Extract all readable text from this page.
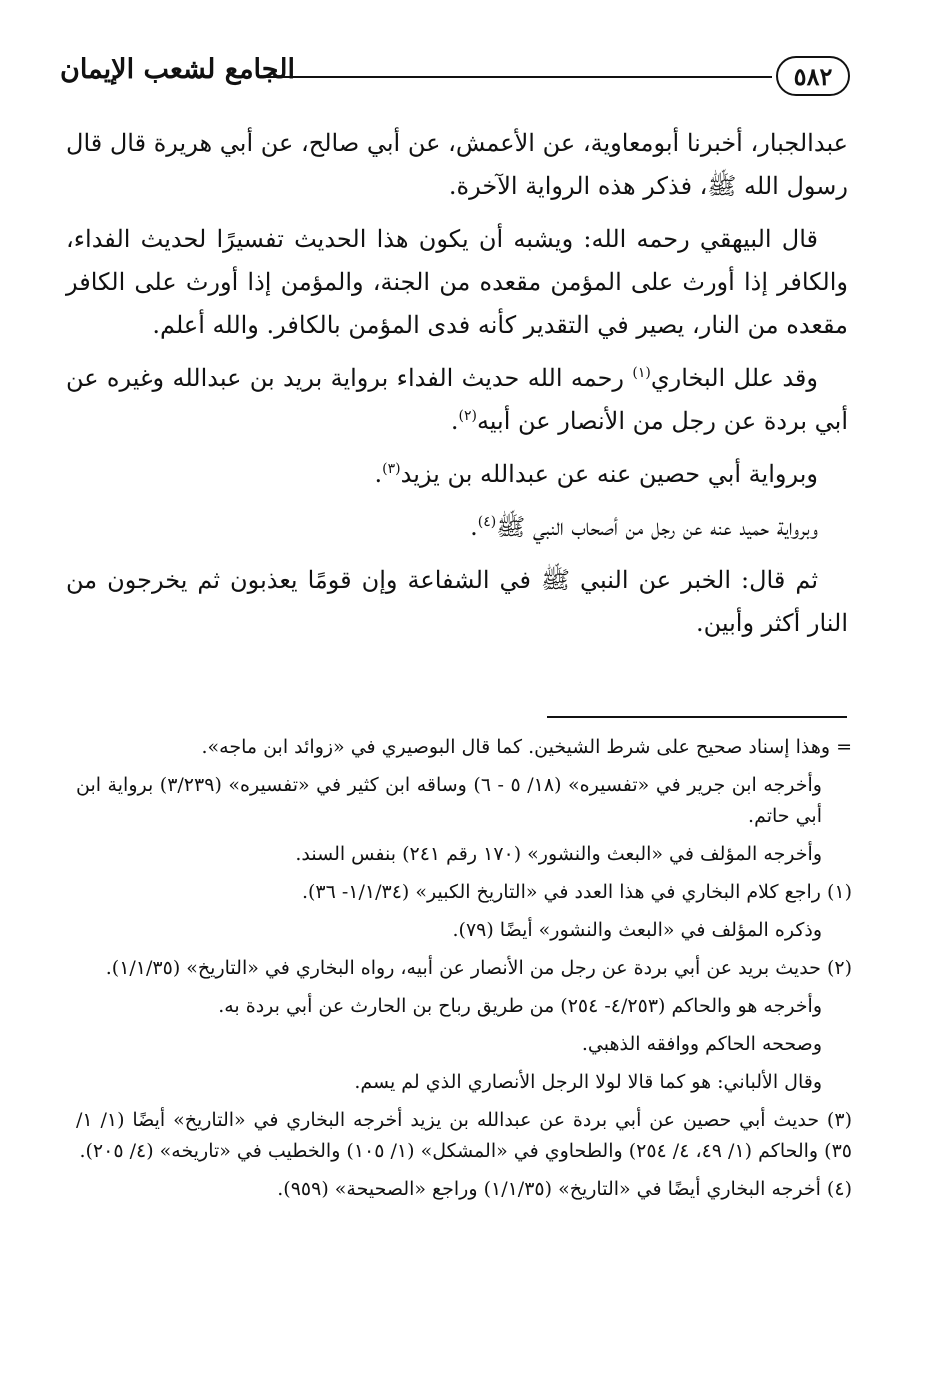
٥٨٢
الجامع لشعب الإيمان

عبدالجبار، أخبرنا أبومعاوية، عن الأعمش، عن أبي صالح، عن أبي هريرة قال قال رسول الله ﷺ، فذكر هذه الرواية الآخرة.

قال البيهقي رحمه الله: ويشبه أن يكون هذا الحديث تفسيرًا لحديث الفداء، والكافر إذا أورث على المؤمن مقعده من الجنة، والمؤمن إذا أورث على الكافر مقعده من النار، يصير في التقدير كأنه فدى المؤمن بالكافر. والله أعلم.

وقد علل البخاري$^{(١)}$ رحمه الله حديث الفداء برواية بريد بن عبدالله وغيره عن أبي بردة عن رجل من الأنصار عن أبيه$^{(٢)}$.

وبرواية أبي حصين عنه عن عبدالله بن يزيد$^{(٣)}$.

وبرواية حميد عنه عن رجل من أصحاب النبي ﷺ$^{(٤)}$.

ثم قال: الخبر عن النبي ﷺ في الشفاعة وإن قومًا يعذبون ثم يخرجون من النار أكثر وأبين.

= وهذا إسناد صحيح على شرط الشيخين. كما قال البوصيري في «زوائد ابن ماجه».

وأخرجه ابن جرير في «تفسيره» (١٨/ ٥ - ٦) وساقه ابن كثير في «تفسيره» (٣/٢٣٩) برواية ابن أبي حاتم.

وأخرجه المؤلف في «البعث والنشور» (١٧٠ رقم ٢٤١) بنفس السند.

(١) راجع كلام البخاري في هذا العدد في «التاريخ الكبير» (١/١/٣٤- ٣٦).

وذكره المؤلف في «البعث والنشور» أيضًا (٧٩).

(٢) حديث بريد عن أبي بردة عن رجل من الأنصار عن أبيه، رواه البخاري في «التاريخ» (١/١/٣٥).

وأخرجه هو والحاكم (٤/٢٥٣- ٢٥٤) من طريق رباح بن الحارث عن أبي بردة به.

وصححه الحاكم ووافقه الذهبي.

وقال الألباني: هو كما قالا لولا الرجل الأنصاري الذي لم يسم.

(٣) حديث أبي حصين عن أبي بردة عن عبدالله بن يزيد أخرجه البخاري في «التاريخ» أيضًا (١/ ١/ ٣٥) والحاكم (١/ ٤٩، ٤/ ٢٥٤) والطحاوي في «المشكل» (١/ ١٠٥) والخطيب في «تاريخه» (٤/ ٢٠٥).

(٤) أخرجه البخاري أيضًا في «التاريخ» (١/١/٣٥) وراجع «الصحيحة» (٩٥٩).
